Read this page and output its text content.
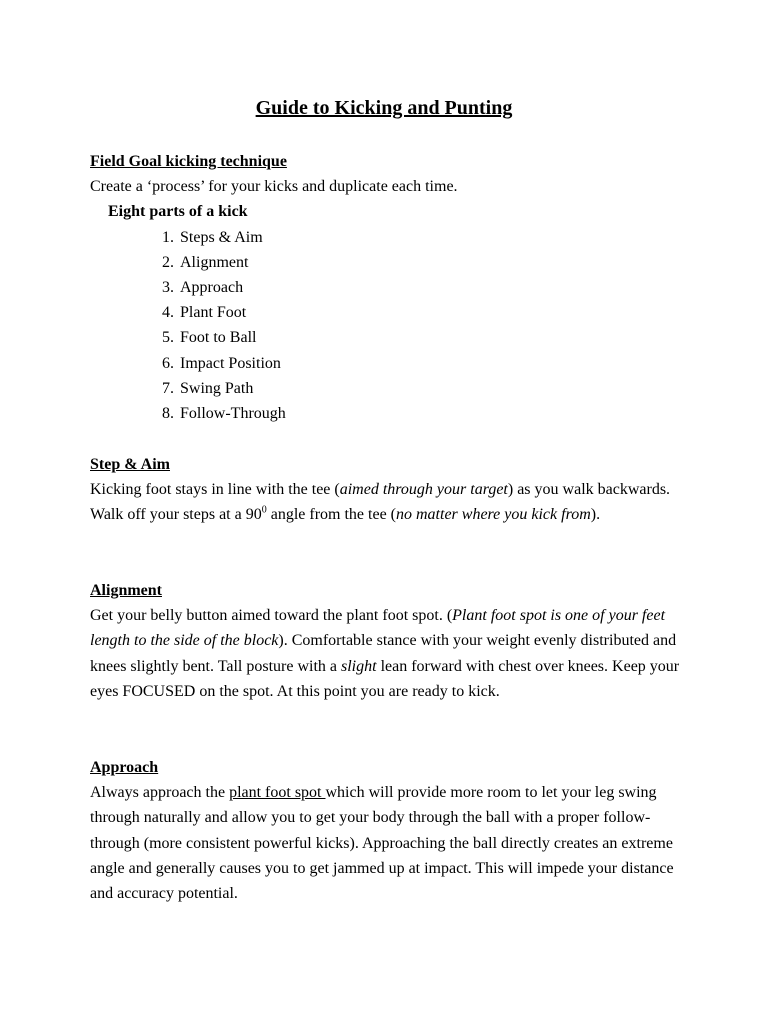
Guide to Kicking and Punting
Field Goal kicking technique
Create a ‘process’ for your kicks and duplicate each time.
Eight parts of a kick
1. Steps & Aim
2. Alignment
3. Approach
4. Plant Foot
5. Foot to Ball
6. Impact Position
7. Swing Path
8. Follow-Through
Step & Aim

Kicking foot stays in line with the tee (aimed through your target) as you walk backwards. Walk off your steps at a $90^0$ angle from the tee (no matter where you kick from).

Alignment

Get your belly button aimed toward the plant foot spot. (Plant foot spot is one of your feet length to the side of the block). Comfortable stance with your weight evenly distributed and knees slightly bent. Tall posture with a slight lean forward with chest over knees. Keep your eyes FOCUSED on the spot. At this point you are ready to kick.

Approach

Always approach the plant foot spot which will provide more room to let your leg swing through naturally and allow you to get your body through the ball with a proper follow-through (more consistent powerful kicks). Approaching the ball directly creates an extreme angle and generally causes you to get jammed up at impact. This will impede your distance and accuracy potential.
